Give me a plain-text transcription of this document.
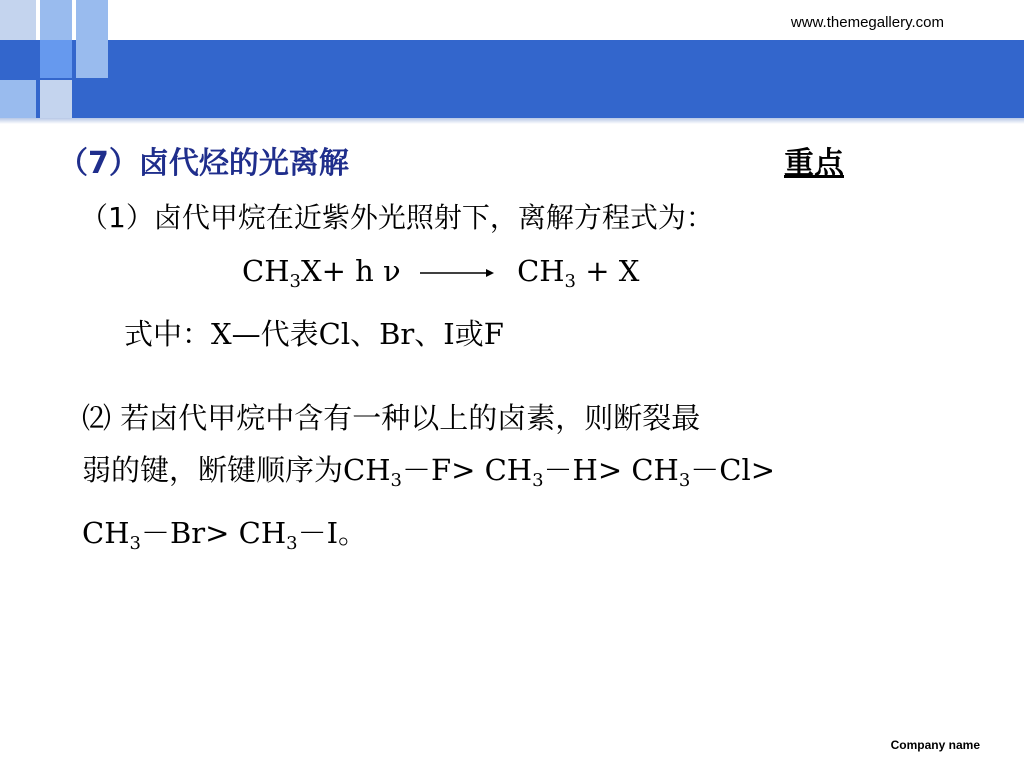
www.themegallery.com
（7）卤代烃的光离解	重点
（1）卤代甲烷在近紫外光照射下，离解方程式为：
$CH_3X+ h$ $\nu \to CH_3 + X$
式中：X—代表Cl、Br、I或F
⑵ 若卤代甲烷中含有一种以上的卤素，则断裂最
弱的键，断键顺序为$CH_3-F> CH_3-H> CH_3-Cl>$
$CH_3-Br> CH_3-I$。
Company name
